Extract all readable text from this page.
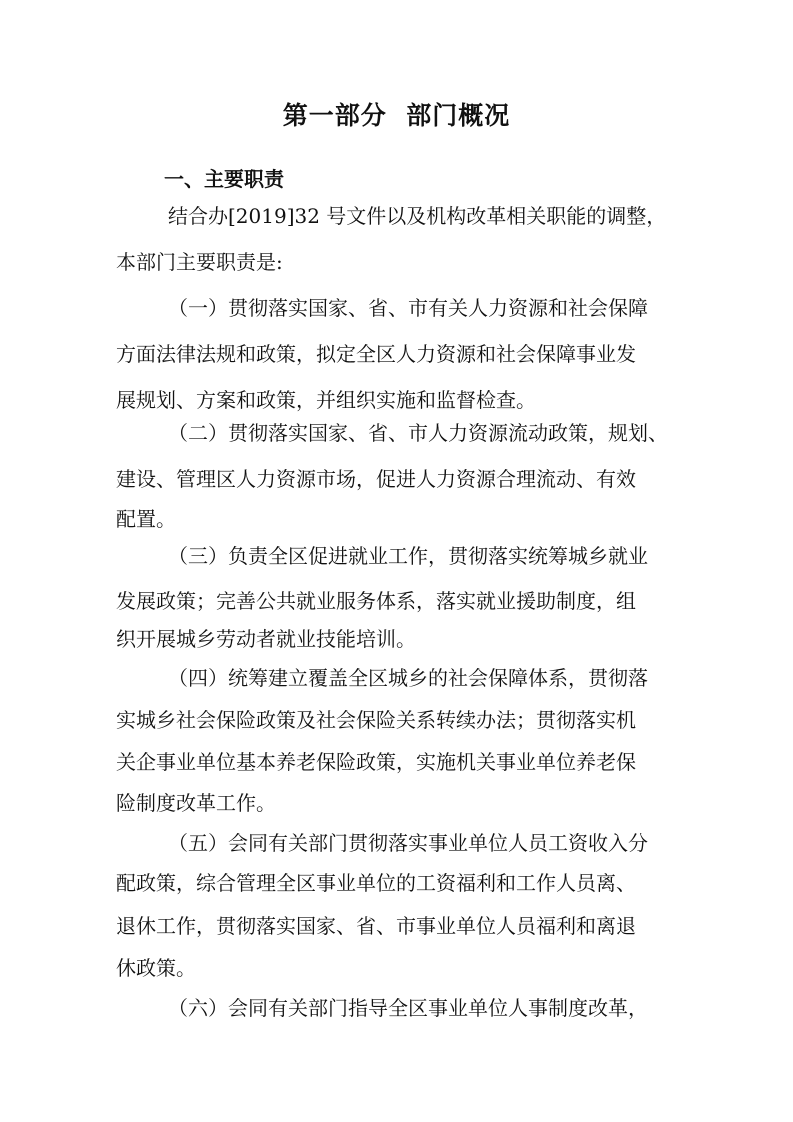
第一部分  部门概况
一、主要职责
结合办[2019]32 号文件以及机构改革相关职能的调整，
本部门主要职责是:
（一）贯彻落实国家、省、市有关人力资源和社会保障
方面法律法规和政策，拟定全区人力资源和社会保障事业发
展规划、方案和政策，并组织实施和监督检查。
（二）贯彻落实国家、省、市人力资源流动政策，规划、
建设、管理区人力资源市场，促进人力资源合理流动、有效
配置。
（三）负责全区促进就业工作，贯彻落实统筹城乡就业
发展政策；完善公共就业服务体系，落实就业援助制度，组
织开展城乡劳动者就业技能培训。
（四）统筹建立覆盖全区城乡的社会保障体系，贯彻落
实城乡社会保险政策及社会保险关系转续办法；贯彻落实机
关企事业单位基本养老保险政策，实施机关事业单位养老保
险制度改革工作。
（五）会同有关部门贯彻落实事业单位人员工资收入分
配政策，综合管理全区事业单位的工资福利和工作人员离、
退休工作，贯彻落实国家、省、市事业单位人员福利和离退
休政策。
（六）会同有关部门指导全区事业单位人事制度改革，
